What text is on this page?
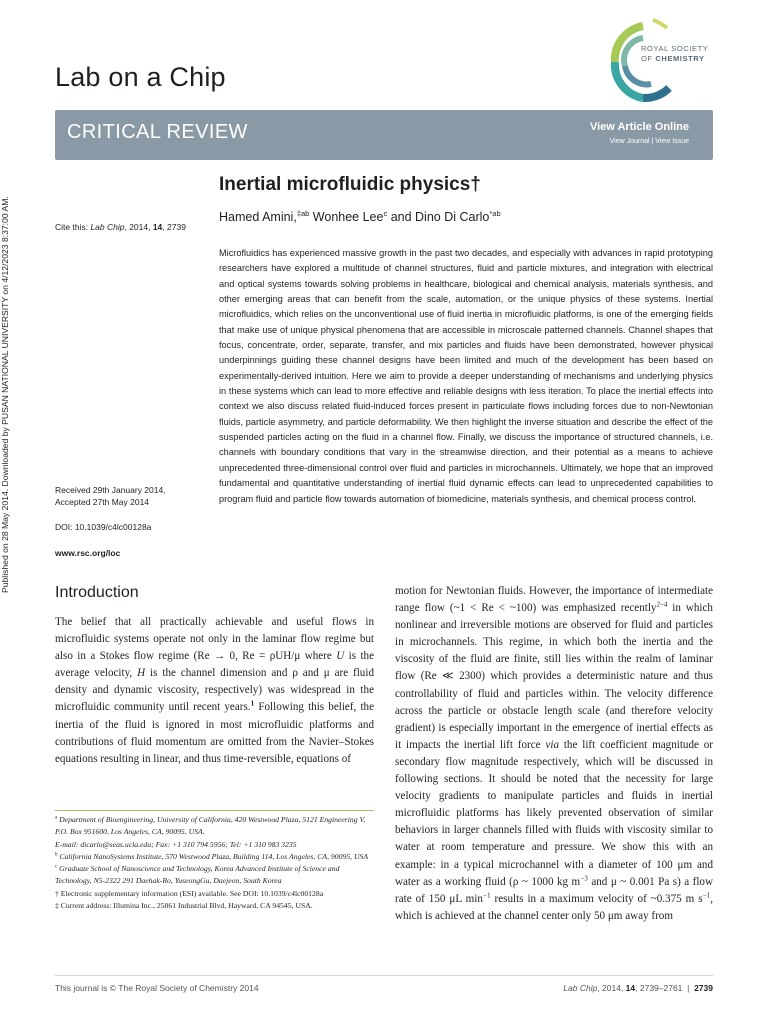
Published on 28 May 2014. Downloaded by PUSAN NATIONAL UNIVERSITY on 4/12/2023 8:37:00 AM.
Lab on a Chip
ROYAL SOCIETY
OF CHEMISTRY
CRITICAL REVIEW	View Article Online
View Journal | View Issue
Inertial microfluidic physics†
Hamed Amini,$^{\ddagger ab}$ Wonhee Lee$^c$ and Dino Di Carlo$^{*ab}$
Cite this: Lab Chip, 2014, 14, 2739
Microfluidics has experienced massive growth in the past two decades, and especially with advances in rapid prototyping researchers have explored a multitude of channel structures, fluid and particle mixtures, and integration with electrical and optical systems towards solving problems in healthcare, biological and chemical analysis, materials synthesis, and other emerging areas that can benefit from the scale, automation, or the unique physics of these systems. Inertial microfluidics, which relies on the unconventional use of fluid inertia in microfluidic platforms, is one of the emerging fields that make use of unique physical phenomena that are accessible in microscale patterned channels. Channel shapes that focus, concentrate, order, separate, transfer, and mix particles and fluids have been demonstrated, however physical underpinnings guiding these channel designs have been limited and much of the development has been based on experimentally-derived intuition. Here we aim to provide a deeper understanding of mechanisms and underlying physics in these systems which can lead to more effective and reliable designs with less iteration. To place the inertial effects into context we also discuss related fluid-induced forces present in particulate flows including forces due to non-Newtonian fluids, particle asymmetry, and particle deformability. We then highlight the inverse situation and describe the effect of the suspended particles acting on the fluid in a channel flow. Finally, we discuss the importance of structured channels, i.e. channels with boundary conditions that vary in the streamwise direction, and their potential as a means to achieve unprecedented three-dimensional control over fluid and particles in microchannels. Ultimately, we hope that an improved fundamental and quantitative understanding of inertial fluid dynamic effects can lead to unprecedented capabilities to program fluid and particle flow towards automation of biomedicine, materials synthesis, and chemical process control.
Received 29th January 2014,
Accepted 27th May 2014
DOI: 10.1039/c4lc00128a
www.rsc.org/loc
Introduction
The belief that all practically achievable and useful flows in microfluidic systems operate not only in the laminar flow regime but also in a Stokes flow regime (Re → 0, Re = ρUH/μ where U is the average velocity, H is the channel dimension and ρ and μ are fluid density and dynamic viscosity, respectively) was widespread in the microfluidic community until recent years.$^1$ Following this belief, the inertia of the fluid is ignored in most microfluidic platforms and contributions of fluid momentum are omitted from the Navier–Stokes equations resulting in linear, and thus time-reversible, equations of
motion for Newtonian fluids. However, the importance of intermediate range flow (~1 < Re < ~100) was emphasized recently$^{2-4}$ in which nonlinear and irreversible motions are observed for fluid and particles in microchannels. This regime, in which both the inertia and the viscosity of the fluid are finite, still lies within the realm of laminar flow (Re ≪ 2300) which provides a deterministic nature and thus controllability of fluid and particles within. The velocity difference across the particle or obstacle length scale (and therefore velocity gradient) is especially important in the emergence of inertial effects as it impacts the inertial lift force via the lift coefficient magnitude or secondary flow magnitude respectively, which will be discussed in following sections. It should be noted that the necessity for large velocity gradients to manipulate particles and fluids in inertial microfluidic platforms has likely prevented observation of similar behaviors in larger channels filled with fluids with viscosity similar to water at room temperature and pressure. We show this with an example: in a typical microchannel with a diameter of 100 μm and water as a working fluid (ρ ~ 1000 kg $m^{-3}$ and μ ~ 0.001 Pa s) a flow rate of 150 μL $\min^{-1}$ results in a maximum velocity of ~0.375 m $s^{-1}$, which is achieved at the channel center only 50 μm away from
$^a$ Department of Bioengineering, University of California, 420 Westwood Plaza, 5121 Engineering V, P.O. Box 951600, Los Angeles, CA, 90095, USA.
E-mail: dicarlo@seas.ucla.edu; Fax: +1 310 794 5956; Tel: +1 310 983 3235
$^b$ California NanoSystems Institute, 570 Westwood Plaza, Building 114, Los Angeles, CA, 90095, USA
$^c$ Graduate School of Nanoscience and Technology, Korea Advanced Institute of Science and Technology, N5-2322 291 Daehak-Ro, YuseongGu, Daejeon, South Korea
† Electronic supplementary information (ESI) available. See DOI: 10.1039/c4lc00128a
‡ Current address: Illumina Inc., 25861 Industrial Blvd, Hayward, CA 94545, USA.
This journal is © The Royal Society of Chemistry 2014	Lab Chip, 2014, 14, 2739–2761  |  2739
